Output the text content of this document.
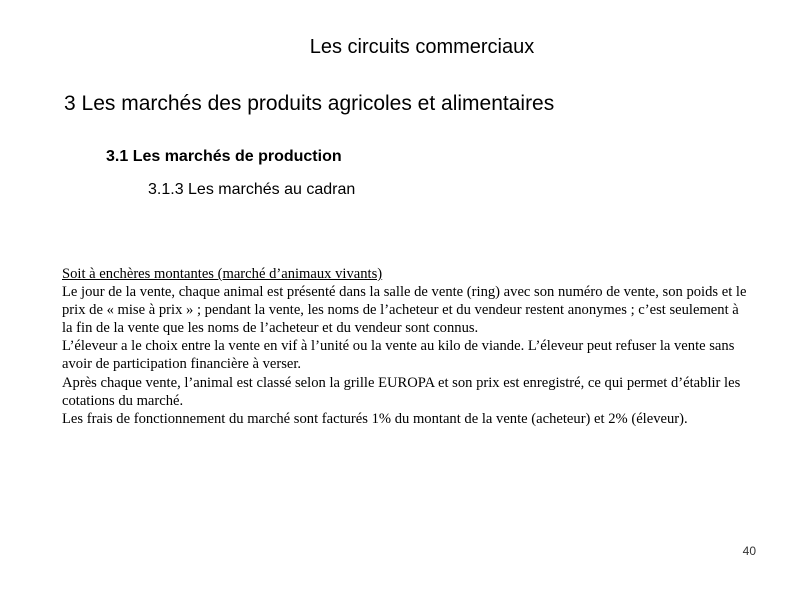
Les circuits commerciaux
3 Les marchés des produits agricoles et alimentaires
3.1 Les marchés de production
3.1.3 Les marchés au cadran

Soit à enchères montantes (marché d’animaux vivants)

Le jour de la vente, chaque animal est présenté dans la salle de vente (ring) avec son numéro de vente, son poids et le prix de « mise à prix » ; pendant la vente, les noms de l’acheteur et du vendeur restent anonymes ; c’est seulement à la fin de la vente que les noms de l’acheteur et du vendeur sont connus.

L’éleveur a le choix entre la vente en vif à l’unité ou la vente au kilo de viande. L’éleveur peut refuser la vente sans avoir de participation financière à verser.

Après chaque vente, l’animal est classé selon la grille EUROPA et son prix est enregistré, ce qui permet d’établir les cotations du marché.

Les frais de fonctionnement du marché sont facturés 1% du montant de la vente (acheteur) et 2% (éleveur).

40
